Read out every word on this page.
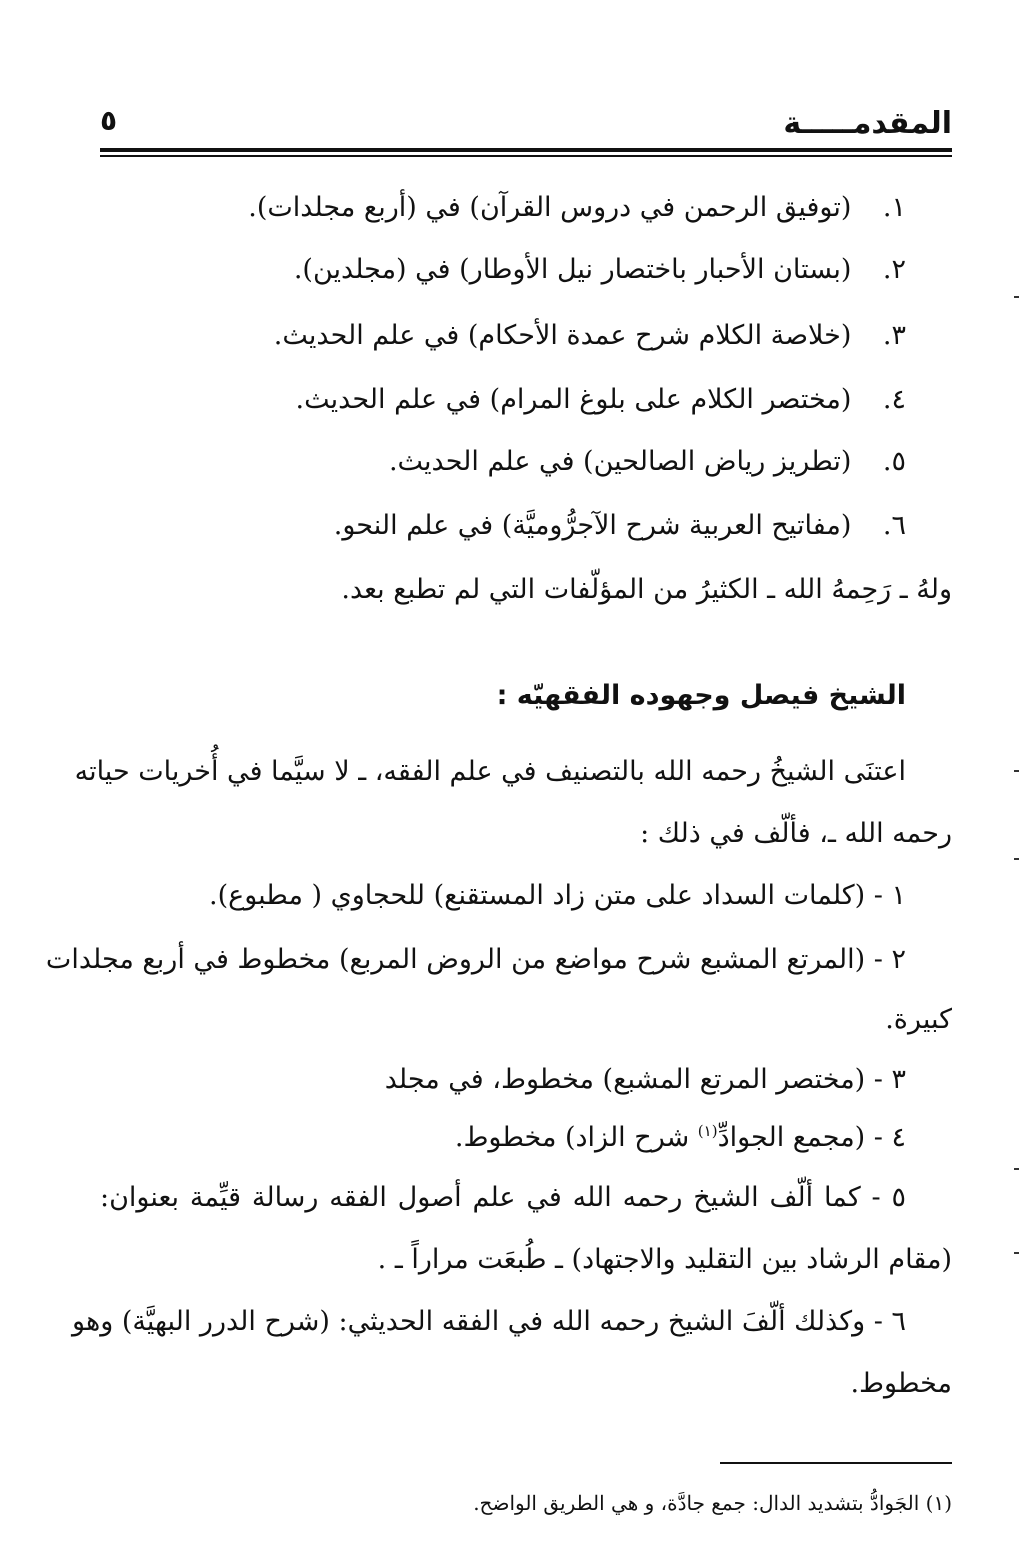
المقدمـــــة
٥
١. (توفيق الرحمن في دروس القرآن) في (أربع مجلدات).
٢. (بستان الأحبار باختصار نيل الأوطار) في (مجلدين).
٣. (خلاصة الكلام شرح عمدة الأحكام) في علم الحديث.
٤. (مختصر الكلام على بلوغ المرام) في علم الحديث.
٥. (تطريز رياض الصالحين) في علم الحديث.
٦. (مفاتيح العربية شرح الآجرُّوميَّة) في علم النحو.
ولهُ ـ رَحِمهُ الله ـ الكثيرُ من المؤلّفات التي لم تطبع بعد.
الشيخ فيصل وجهوده الفقهيّه :
اعتنَى الشيخُ رحمه الله بالتصنيف في علم الفقه، ـ لا سيَّما في أُخريات حياته
رحمه الله ـ، فألّف في ذلك :
١ - (كلمات السداد على متن زاد المستقنع) للحجاوي ( مطبوع).
٢ - (المرتع المشبع شرح مواضع من الروض المربع) مخطوط في أربع مجلدات
كبيرة.
٣ - (مختصر المرتع المشبع) مخطوط، في مجلد
٤ - (مجمع الجوادِّ$^{(١)}$ شرح الزاد) مخطوط.
٥ - كما ألّف الشيخ رحمه الله في علم أصول الفقه رسالة قيِّمة بعنوان:
(مقام الرشاد بين التقليد والاجتهاد) ـ طُبعَت مراراً ـ .
٦ - وكذلك ألّفَ الشيخ رحمه الله في الفقه الحديثي: (شرح الدرر البهيَّة) وهو
مخطوط.
(١) الجَوادُّ بتشديد الدال: جمع جادَّة، و هي الطريق الواضح.
